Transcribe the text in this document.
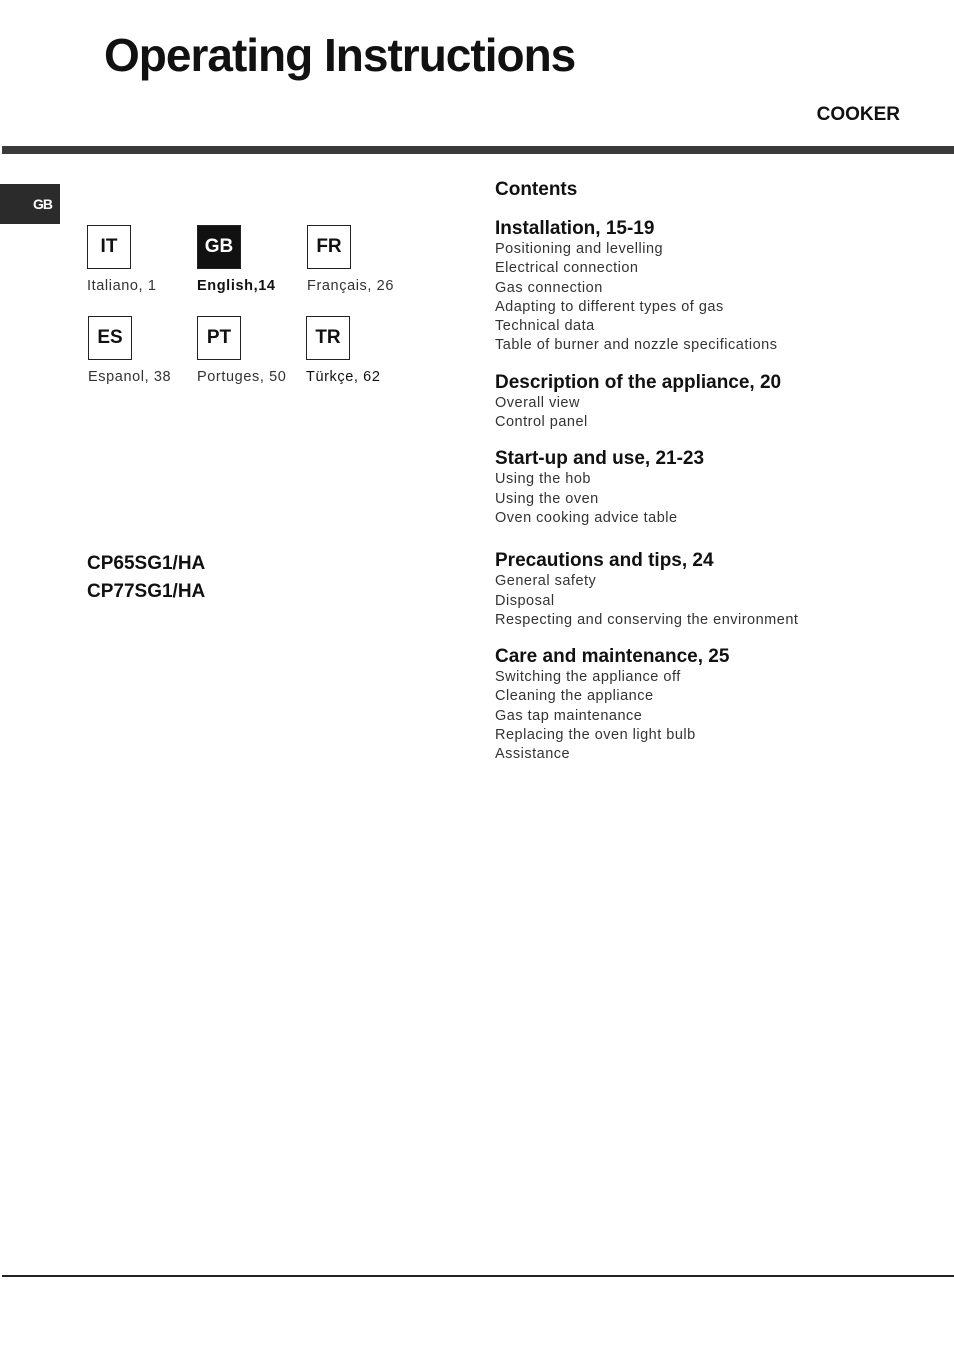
Operating Instructions
COOKER
GB
IT
Italiano, 1
GB
English,14
FR
Français, 26
ES
Espanol, 38
PT
Portuges, 50
TR
Türkçe, 62
CP65SG1/HA
CP77SG1/HA
Contents
Installation, 15-19
Positioning and levelling
Electrical connection
Gas connection
Adapting to different types of gas
Technical data
Table of burner and nozzle specifications
Description of the appliance, 20
Overall view
Control panel
Start-up and use, 21-23
Using the hob
Using the oven
Oven cooking advice table
Precautions and tips, 24
General safety
Disposal
Respecting and conserving the environment
Care and maintenance, 25
Switching the appliance off
Cleaning the appliance
Gas tap maintenance
Replacing the oven light bulb
Assistance
